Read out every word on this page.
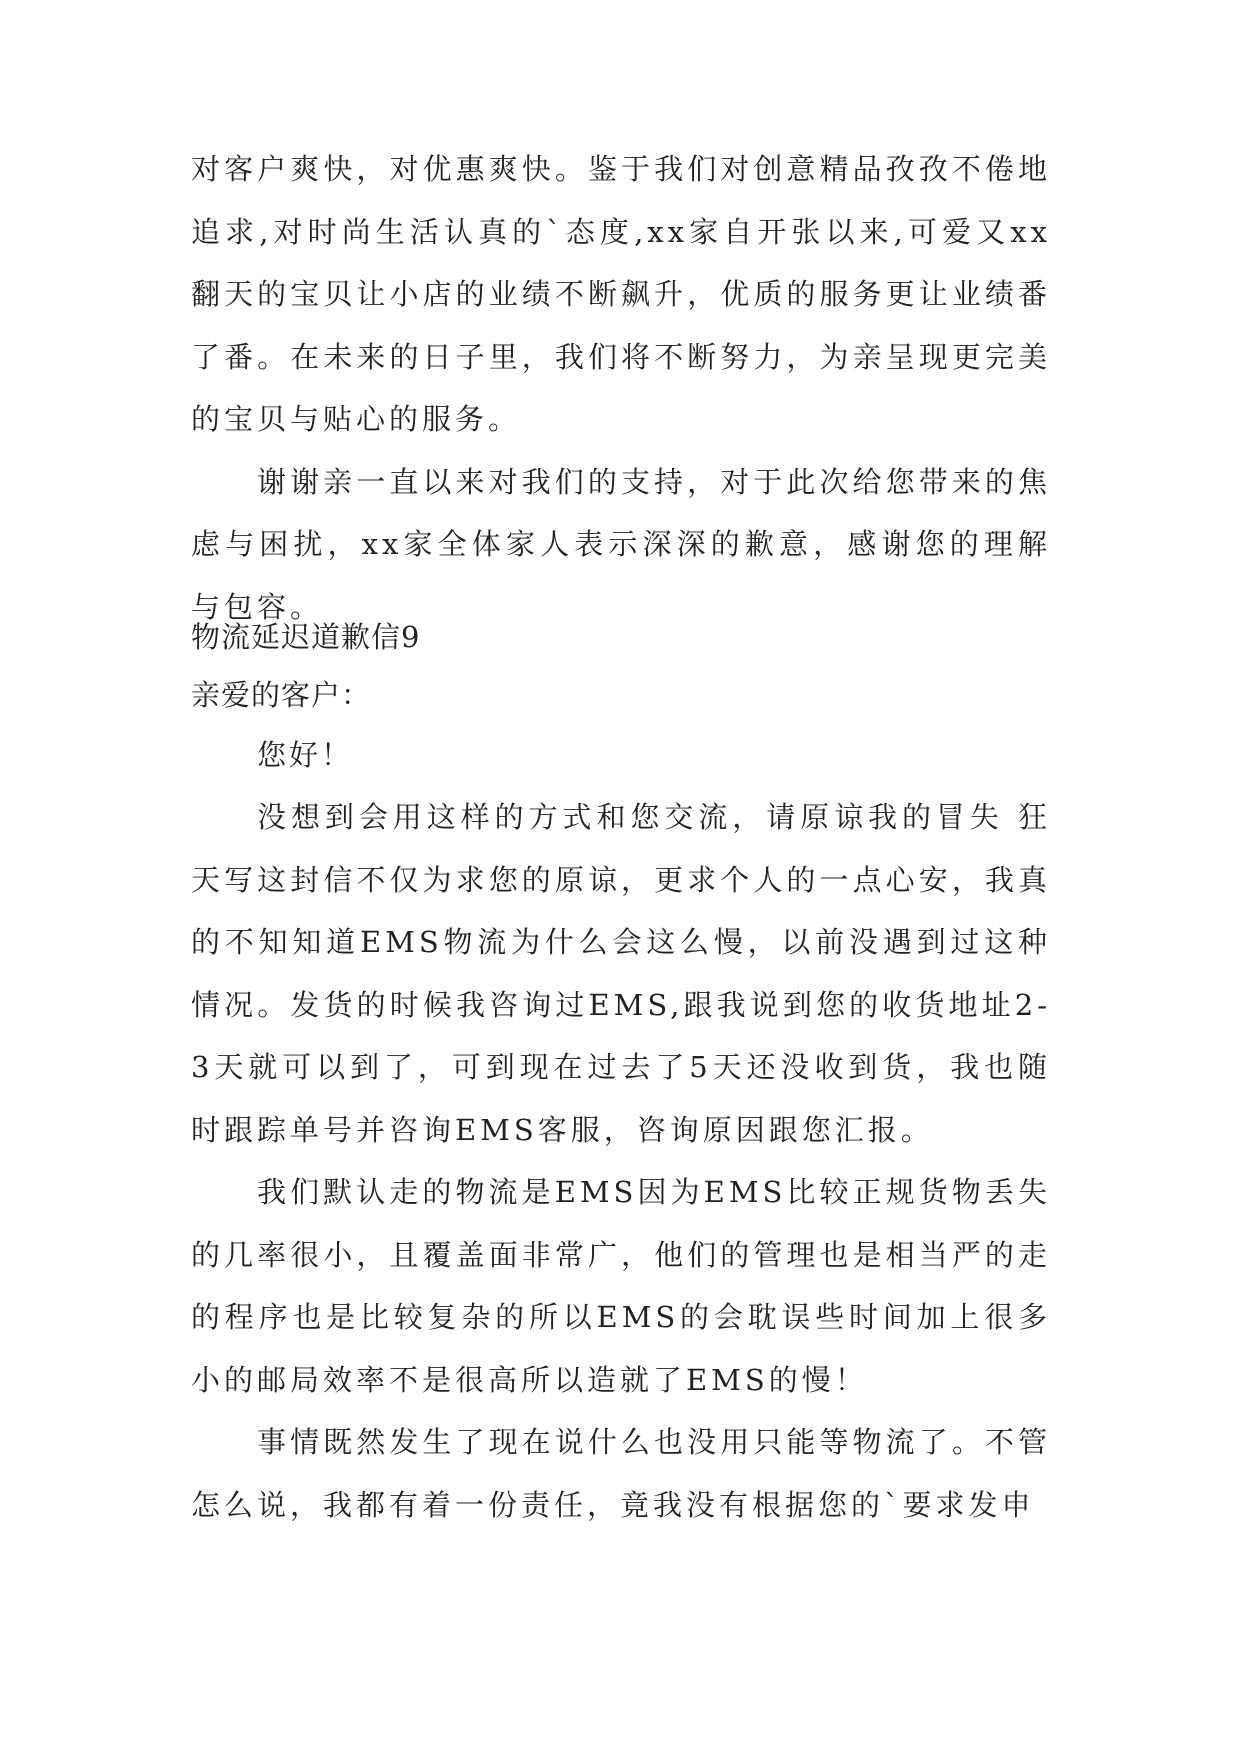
对客户爽快，对优惠爽快。鉴于我们对创意精品孜孜不倦地追求,对时尚生活认真的`态度,xx家自开张以来,可爱又xx翻天的宝贝让小店的业绩不断飙升，优质的服务更让业绩番了番。在未来的日子里，我们将不断努力，为亲呈现更完美的宝贝与贴心的服务。

谢谢亲一直以来对我们的支持，对于此次给您带来的焦虑与困扰，xx家全体家人表示深深的歉意，感谢您的理解与包容。

物流延迟道歉信9

亲爱的客户：

您好！

没想到会用这样的方式和您交流，请原谅我的冒失 狂天写这封信不仅为求您的原谅，更求个人的一点心安，我真的不知知道EMS物流为什么会这么慢，以前没遇到过这种情况。发货的时候我咨询过EMS,跟我说到您的收货地址2-3天就可以到了，可到现在过去了5天还没收到货，我也随时跟踪单号并咨询EMS客服，咨询原因跟您汇报。

我们默认走的物流是EMS因为EMS比较正规货物丢失的几率很小，且覆盖面非常广，他们的管理也是相当严的走的程序也是比较复杂的所以EMS的会耽误些时间加上很多小的邮局效率不是很高所以造就了EMS的慢！

事情既然发生了现在说什么也没用只能等物流了。不管怎么说，我都有着一份责任，竟我没有根据您的`要求发申
